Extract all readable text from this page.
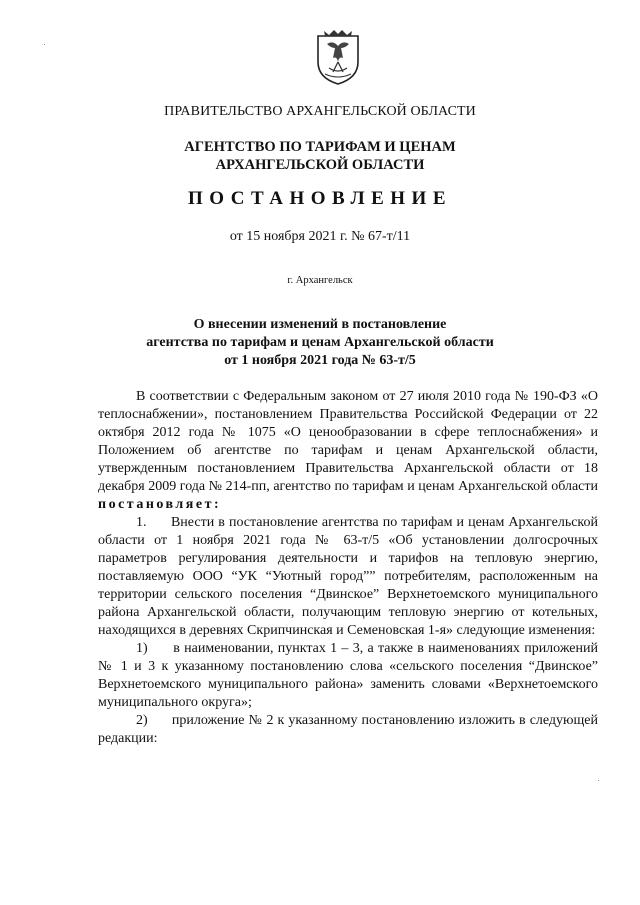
ПРАВИТЕЛЬСТВО АРХАНГЕЛЬСКОЙ ОБЛАСТИ
АГЕНТСТВО ПО ТАРИФАМ И ЦЕНАМ
АРХАНГЕЛЬСКОЙ ОБЛАСТИ
ПОСТАНОВЛЕНИЕ
от 15 ноября 2021 г. № 67-т/11
г. Архангельск
О внесении изменений в постановление
агентства по тарифам и ценам Архангельской области
от 1 ноября 2021 года № 63-т/5

В соответствии с Федеральным законом от 27 июля 2010 года № 190-ФЗ «О теплоснабжении», постановлением Правительства Российской Федерации от 22 октября 2012 года № 1075 «О ценообразовании в сфере теплоснабжения» и Положением об агентстве по тарифам и ценам Архангельской области, утвержденным постановлением Правительства Архангельской области от 18 декабря 2009 года № 214-пп, агентство по тарифам и ценам Архангельской области постановляет:

1.      Внести в постановление агентства по тарифам и ценам Архангельской области от 1 ноября 2021 года № 63-т/5 «Об установлении долгосрочных параметров регулирования деятельности и тарифов на тепловую энергию, поставляемую ООО “УК “Уютный город”” потребителям, расположенным на территории сельского поселения “Двинское” Верхнетоемского муниципального района Архангельской области, получающим тепловую энергию от котельных, находящихся в деревнях Скрипчинская и Семеновская 1-я» следующие изменения:

1)      в наименовании, пунктах 1 – 3, а также в наименованиях приложений № 1 и 3 к указанному постановлению слова «сельского поселения “Двинское” Верхнетоемского муниципального района» заменить словами «Верхнетоемского муниципального округа»;

2)      приложение № 2 к указанному постановлению изложить в следующей редакции:
